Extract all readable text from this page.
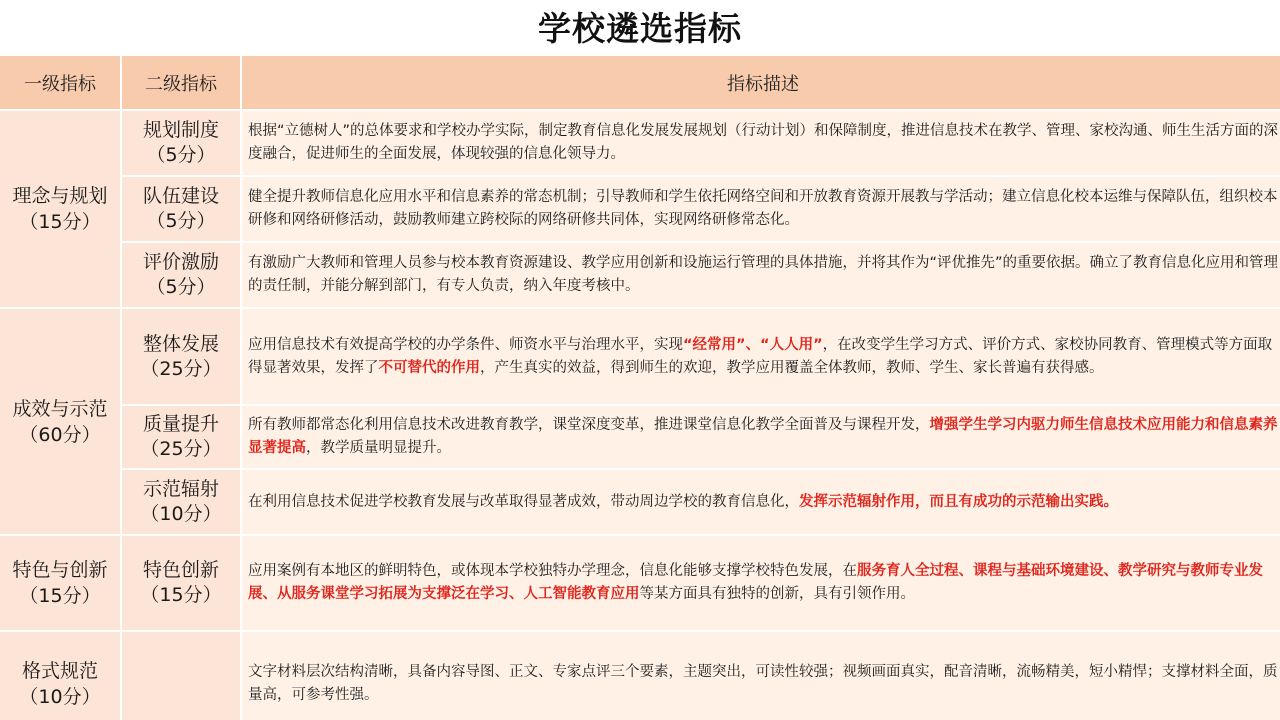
学校遴选指标
一级指标	二级指标	指标描述
理念与规划
（15分）
成效与示范
（60分）
特色与创新
（15分）
格式规范
（10分）
规划制度
（5分）

根据“立德树人”的总体要求和学校办学实际，制定教育信息化发展发展规划（行动计划）和保障制度，推进信息技术在教学、管理、家校沟通、师生生活方面的深度融合，促进师生的全面发展，体现较强的信息化领导力。

队伍建设
（5分）

健全提升教师信息化应用水平和信息素养的常态机制；引导教师和学生依托网络空间和开放教育资源开展教与学活动；建立信息化校本运维与保障队伍，组织校本研修和网络研修活动，鼓励教师建立跨校际的网络研修共同体，实现网络研修常态化。

评价激励
（5分）

有激励广大教师和管理人员参与校本教育资源建设、教学应用创新和设施运行管理的具体措施，并将其作为“评优推先”的重要依据。确立了教育信息化应用和管理的责任制，并能分解到部门，有专人负责，纳入年度考核中。

整体发展
（25分）

应用信息技术有效提高学校的办学条件、师资水平与治理水平，实现“经常用”、“人人用”，在改变学生学习方式、评价方式、家校协同教育、管理模式等方面取得显著效果，发挥了不可替代的作用，产生真实的效益，得到师生的欢迎，教学应用覆盖全体教师，教师、学生、家长普遍有获得感。

质量提升
（25分）

所有教师都常态化利用信息技术改进教育教学，课堂深度变革，推进课堂信息化教学全面普及与课程开发，增强学生学习内驱力师生信息技术应用能力和信息素养显著提高，教学质量明显提升。

示范辐射
（10分）

在利用信息技术促进学校教育发展与改革取得显著成效，带动周边学校的教育信息化，发挥示范辐射作用，而且有成功的示范输出实践。

特色创新
（15分）

应用案例有本地区的鲜明特色，或体现本学校独特办学理念，信息化能够支撑学校特色发展，在服务育人全过程、课程与基础环境建设、教学研究与教师专业发展、从服务课堂学习拓展为支撑泛在学习、人工智能教育应用等某方面具有独特的创新，具有引领作用。

文字材料层次结构清晰，具备内容导图、正文、专家点评三个要素，主题突出，可读性较强；视频画面真实，配音清晰，流畅精美，短小精悍；支撑材料全面，质量高，可参考性强。
